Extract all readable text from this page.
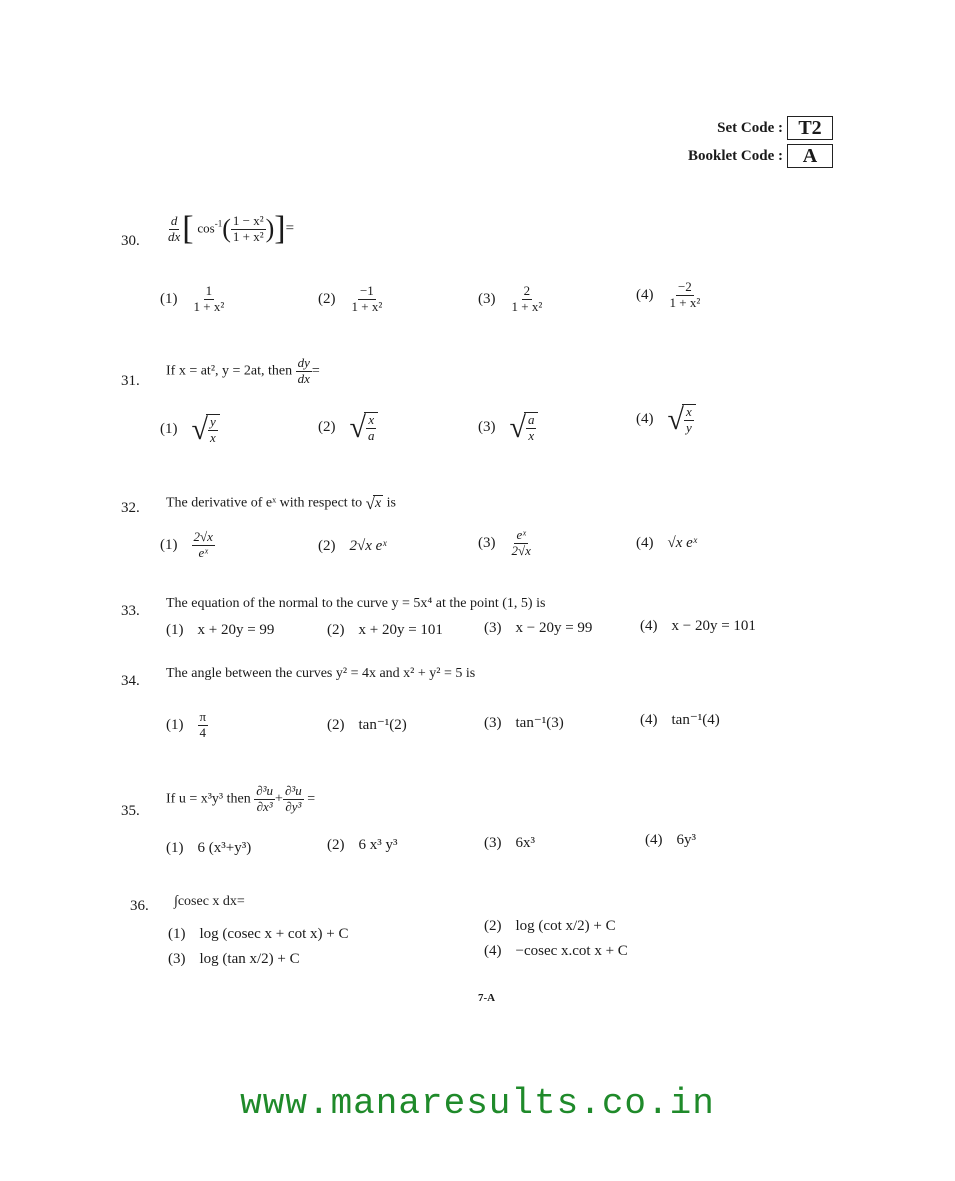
Set Code : T2
Booklet Code : A
30. $\frac{d}{dx}$ [ $\cos^{-1}( \frac{\text{1 − x²}}{\text{1 + x²}}$ )]=
$(1) \frac{1}{\text{1 + x²}}$	$(2) \frac{-1}{\text{1 + x²}}$	$(3) \frac{2}{\text{1 + x²}}$	$(4) \frac{-2}{\text{1 + x²}}$
31.
If x = at², y = 2at, then $\frac{dy}{dx}$ =
(1) √
$\frac{y}{x}$	(2) √
$\frac{x}{a}$	(3) √
$\frac{a}{x}$	(4) √
$\frac{x}{y}$
32. The derivative of eˣ with respect to √ x is
$(1) \frac{2√x}{\text{eˣ}}$	(2) 2√x eˣ	$(3) \frac{\text{eˣ}}{2√x}$	(4) √x eˣ
33. The equation of the normal to the curve y = 5x⁴ at the point (1, 5) is
(1) x + 20y = 99	(2) x + 20y = 101	(3) x − 20y = 99	(4) x − 20y = 101
34. The angle between the curves y² = 4x and x² + y² = 5 is
$(1) \frac{\pi}{4}$	(2) tan⁻¹(2)	(3) tan⁻¹(3)	(4) tan⁻¹(4)
35.
If u = x³y³ then $\frac{\text{∂³u}}{\text{∂x³}} + \frac{\text{∂³u}}{\text{∂y³}}$ =
(1) 6 (x³+y³)	(2) 6 x³ y³	(3) 6x³	(4) 6y³
36. ∫cosec x dx=
(1) log (cosec x + cot x) + C	(2) log (cot x/2) + C
(3) log (tan x/2) + C	(4) −cosec x.cot x + C
7-A
www.manaresults.co.in
